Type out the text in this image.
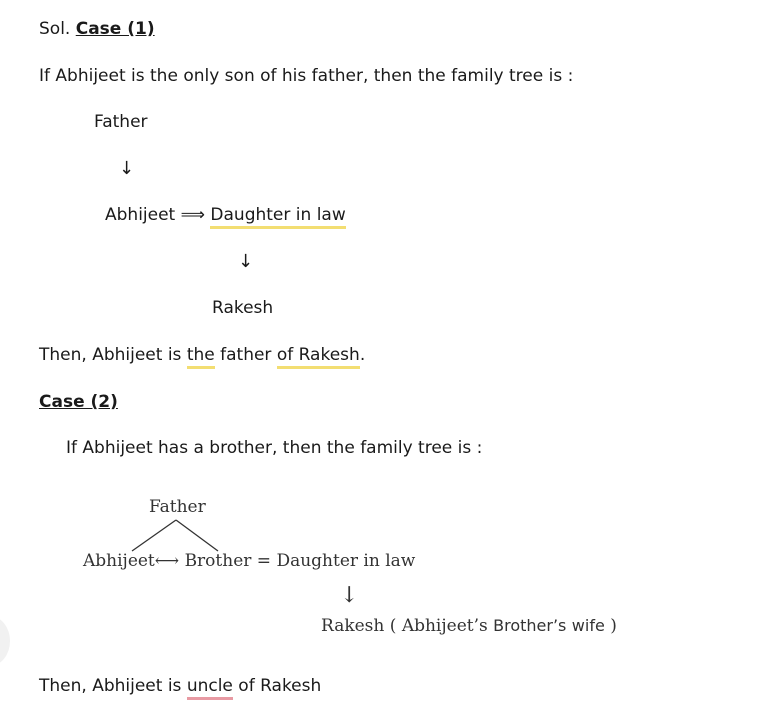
Sol. Case (1)
If Abhijeet is the only son of his father, then the family tree is :
Father
↓
Abhijeet ⟹ Daughter in law
↓
Rakesh
Then, Abhijeet is the father of Rakesh.
Case (2)
If Abhijeet has a brother, then the family tree is :
Father
Abhijeet⟷ Brother = Daughter in law
↓
Rakesh ( Abhijeet’s Brother’s wife )
Then, Abhijeet is uncle of Rakesh
